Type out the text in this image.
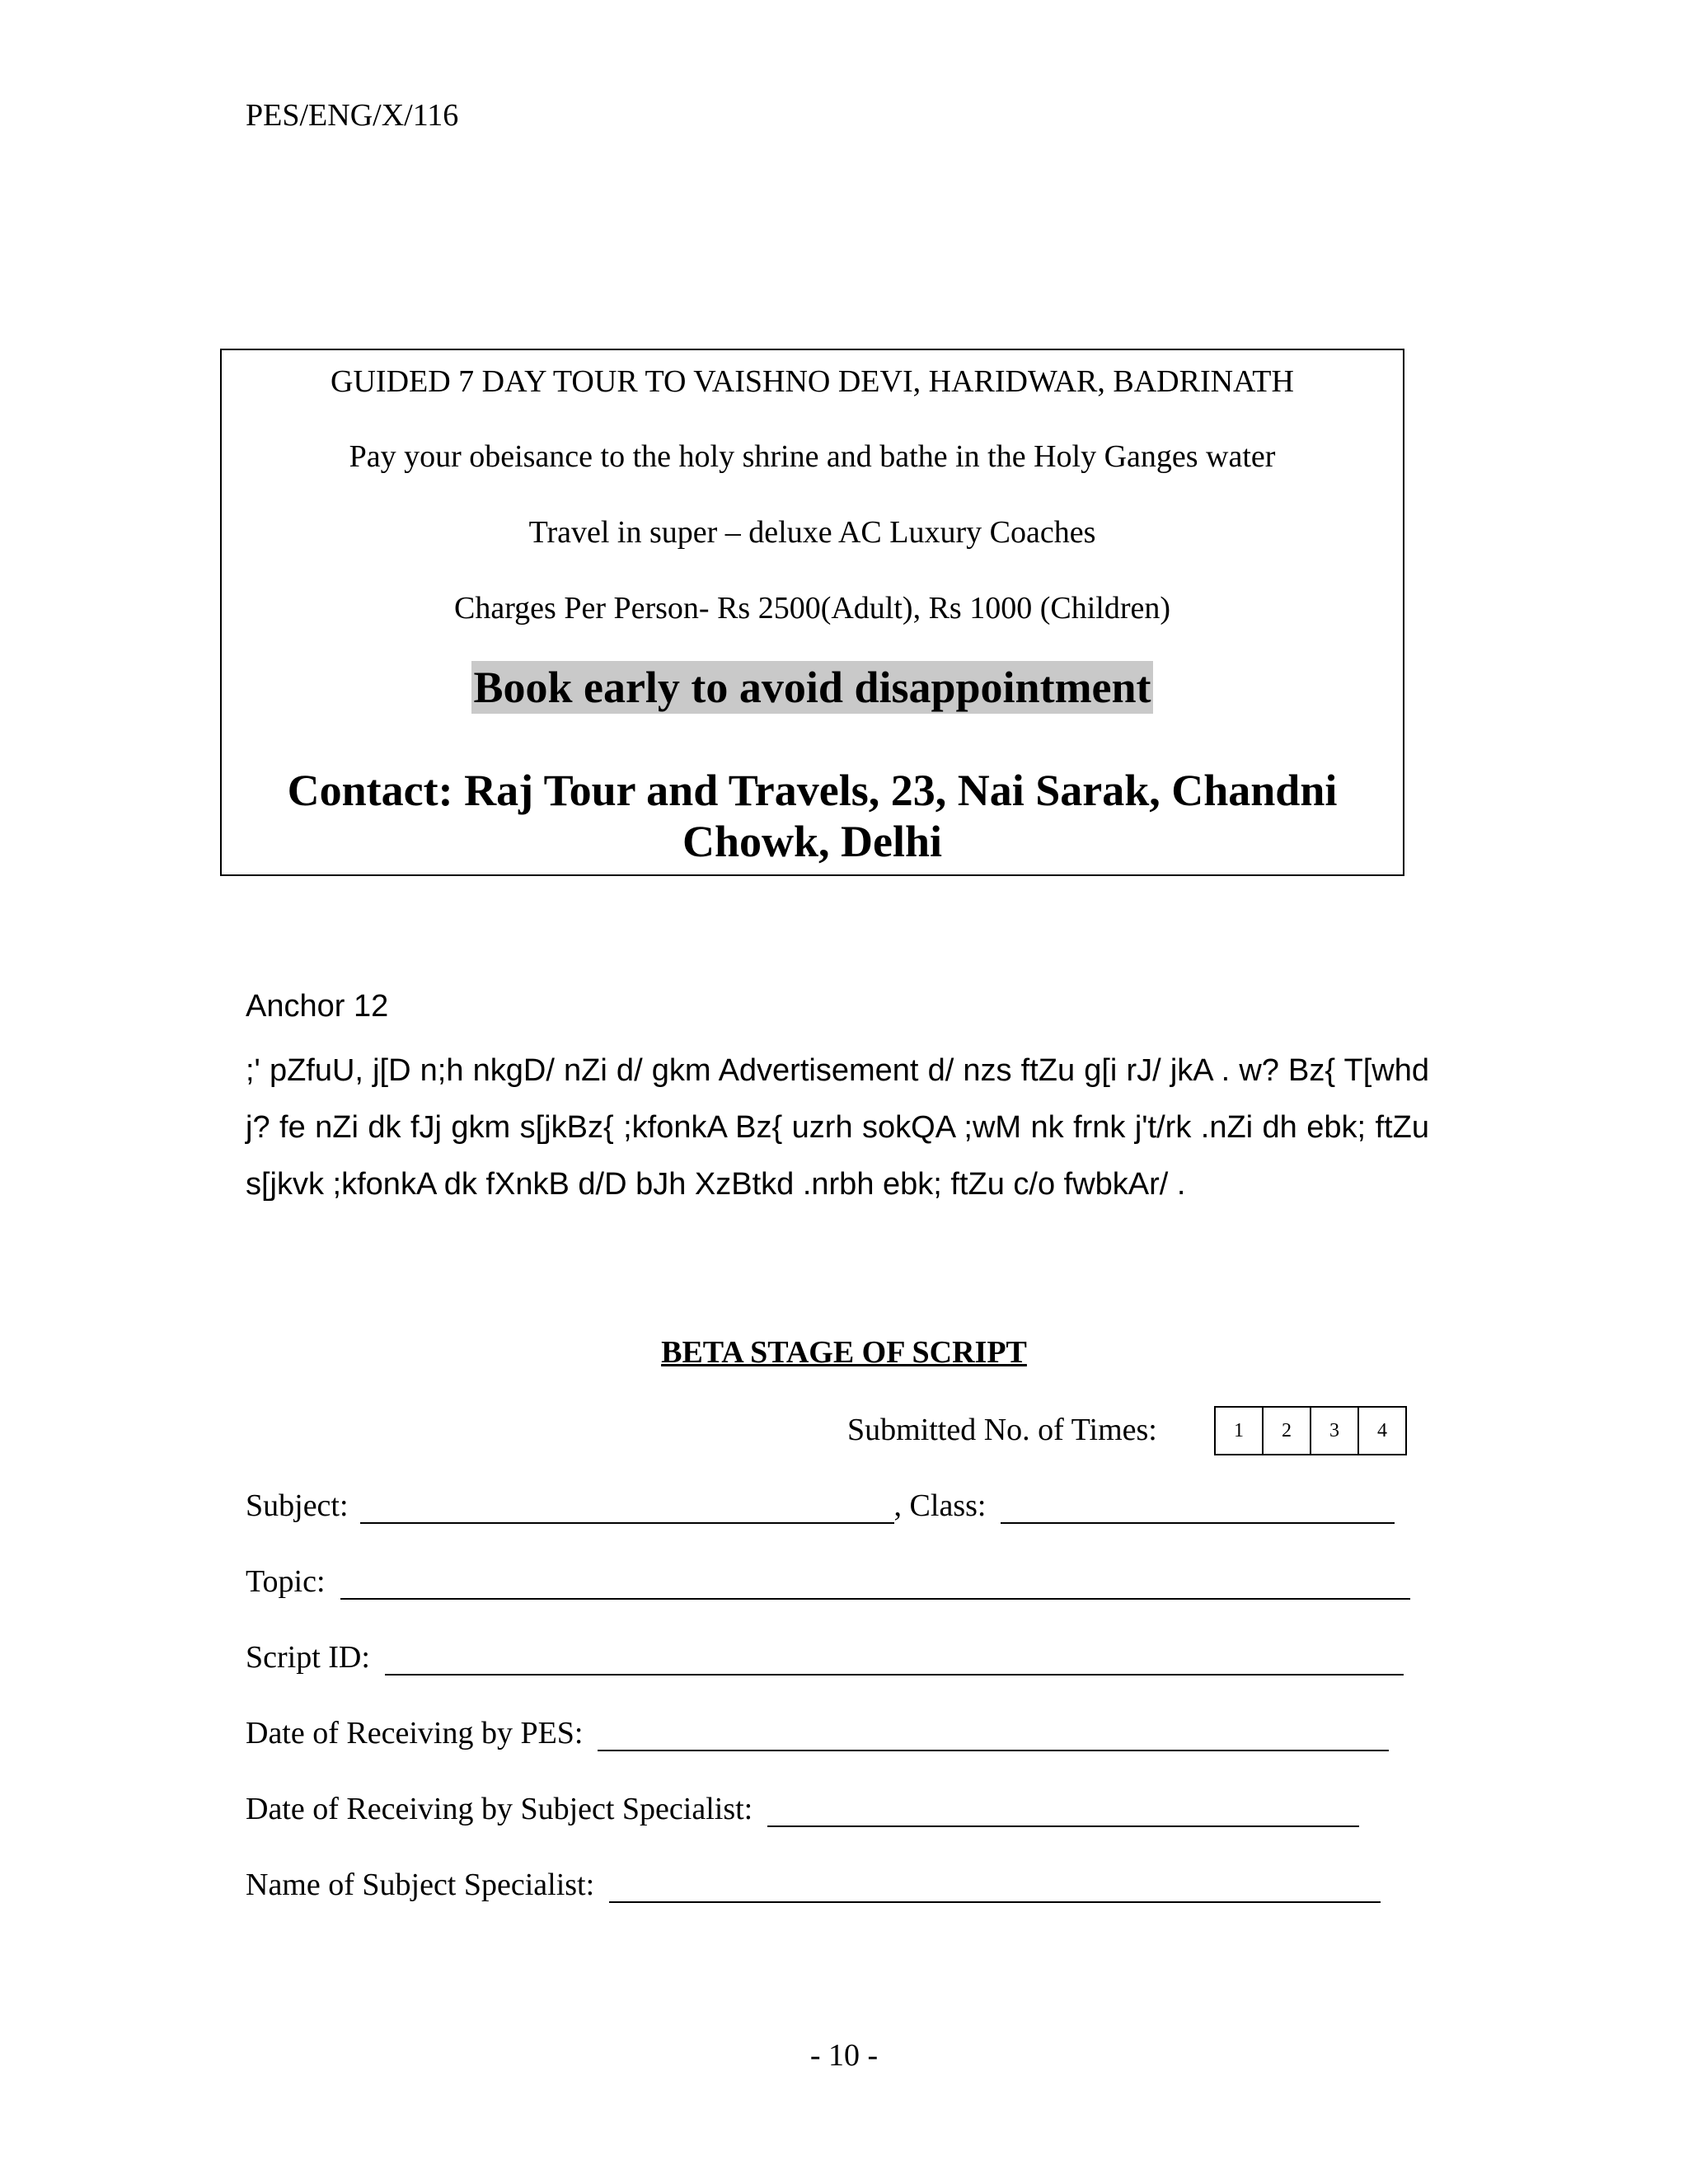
PES/ENG/X/116
GUIDED 7 DAY TOUR TO VAISHNO DEVI, HARIDWAR, BADRINATH
Pay your obeisance to the holy shrine and bathe in the Holy Ganges water
Travel in super – deluxe AC Luxury Coaches
Charges Per Person- Rs 2500(Adult), Rs 1000 (Children)
Book early to avoid disappointment
Contact: Raj Tour and Travels, 23, Nai Sarak, Chandni Chowk, Delhi
Anchor 12
;' pZfuU, j[D n;h nkgD/ nZi d/ gkm Advertisement d/ nzs ftZu g[i rJ/ jkA . w? Bz{ T[whd j? fe nZi dk fJj gkm s[jkBz{ ;kfonkA Bz{ uzrh sokQA ;wM nk frnk j't/rk .nZi dh ebk; ftZu s[jkvk ;kfonkA dk fXnkB d/D bJh XzBtkd .nrbh ebk; ftZu c/o fwbkAr/ .
BETA STAGE OF SCRIPT
Submitted No. of Times:	1	2	3	4
Subject:	, Class:
Topic:
Script ID:
Date of Receiving by PES:
Date of Receiving by Subject Specialist:
Name of Subject Specialist:
- 10 -
